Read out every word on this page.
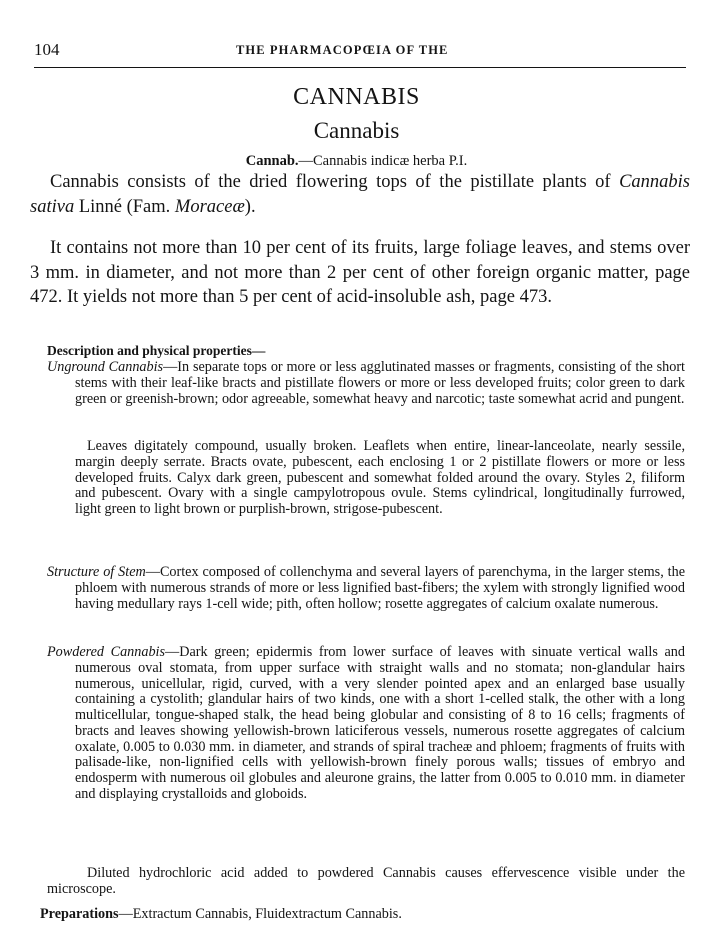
104	THE PHARMACOPŒIA OF THE
CANNABIS
Cannabis
Cannab.—Cannabis indicæ herba P.I.

Cannabis consists of the dried flowering tops of the pistillate plants of Cannabis sativa Linné (Fam. Moraceæ).

It contains not more than 10 per cent of its fruits, large foliage leaves, and stems over 3 mm. in diameter, and not more than 2 per cent of other foreign organic matter, page 472. It yields not more than 5 per cent of acid-insoluble ash, page 473.

Description and physical properties—

Unground Cannabis—In separate tops or more or less agglutinated masses or fragments, consisting of the short stems with their leaf-like bracts and pistillate flowers or more or less developed fruits; color green to dark green or greenish-brown; odor agreeable, somewhat heavy and narcotic; taste somewhat acrid and pungent.

Leaves digitately compound, usually broken. Leaflets when entire, linear-lanceolate, nearly sessile, margin deeply serrate. Bracts ovate, pubescent, each enclosing 1 or 2 pistillate flowers or more or less developed fruits. Calyx dark green, pubescent and somewhat folded around the ovary. Styles 2, filiform and pubescent. Ovary with a single campylotropous ovule. Stems cylindrical, longitudinally furrowed, light green to light brown or purplish-brown, strigose-pubescent.

Structure of Stem—Cortex composed of collenchyma and several layers of parenchyma, in the larger stems, the phloem with numerous strands of more or less lignified bast-fibers; the xylem with strongly lignified wood having medullary rays 1-cell wide; pith, often hollow; rosette aggregates of calcium oxalate numerous.

Powdered Cannabis—Dark green; epidermis from lower surface of leaves with sinuate vertical walls and numerous oval stomata, from upper surface with straight walls and no stomata; non-glandular hairs numerous, unicellular, rigid, curved, with a very slender pointed apex and an enlarged base usually containing a cystolith; glandular hairs of two kinds, one with a short 1-celled stalk, the other with a long multicellular, tongue-shaped stalk, the head being globular and consisting of 8 to 16 cells; fragments of bracts and leaves showing yellowish-brown laticiferous vessels, numerous rosette aggregates of calcium oxalate, 0.005 to 0.030 mm. in diameter, and strands of spiral tracheæ and phloem; fragments of fruits with palisade-like, non-lignified cells with yellowish-brown finely porous walls; tissues of embryo and endosperm with numerous oil globules and aleurone grains, the latter from 0.005 to 0.010 mm. in diameter and displaying crystalloids and globoids.

Diluted hydrochloric acid added to powdered Cannabis causes effervescence visible under the microscope.

Preparations—Extractum Cannabis, Fluidextractum Cannabis.
